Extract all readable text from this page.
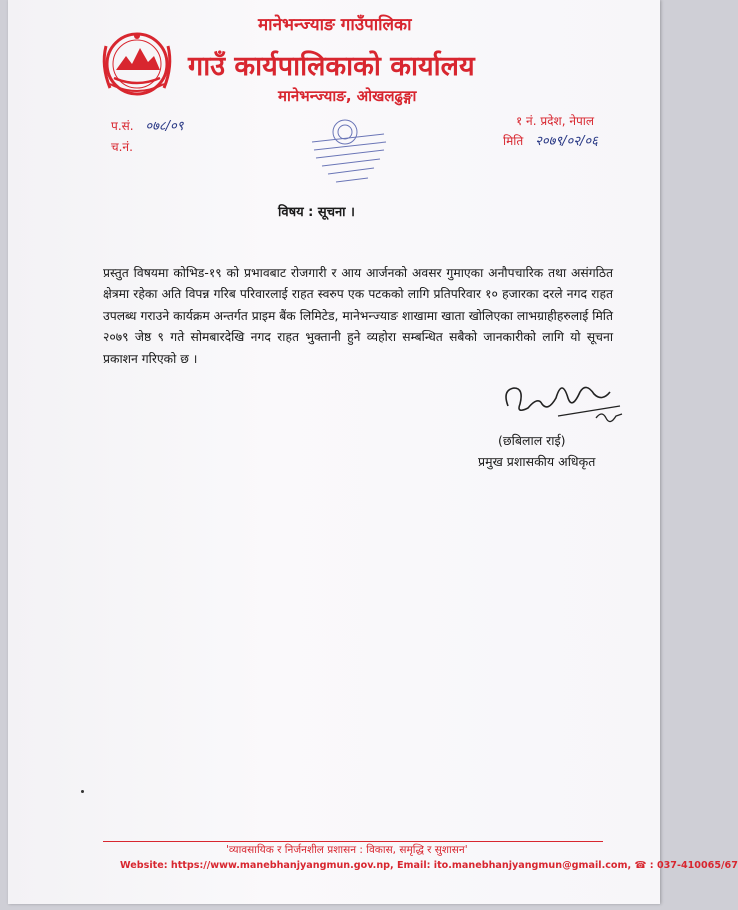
मानेभन्ज्याङ गाउँपालिका
गाउँ कार्यपालिकाको कार्यालय
मानेभन्ज्याङ, ओखलढुङ्गा
प.सं. ०७८/०९
च.नं.
१ नं. प्रदेश, नेपाल
मिति २०७९/०२/०६
विषय : सूचना ।
प्रस्तुत विषयमा कोभिड-१९ को प्रभावबाट रोजगारी र आय आर्जनको अवसर गुमाएका अनौपचारिक तथा असंगठित क्षेत्रमा रहेका अति विपन्न गरिब परिवारलाई राहत स्वरुप एक पटकको लागि प्रतिपरिवार १० हजारका दरले नगद राहत उपलब्ध गराउने कार्यक्रम अन्तर्गत प्राइम बैंक लिमिटेड, मानेभन्ज्याङ शाखामा खाता खोलिएका लाभग्राहीहरुलाई मिति २०७९ जेष्ठ ९ गते सोमबारदेखि नगद राहत भुक्तानी हुने व्यहोरा सम्बन्धित सबैको जानकारीको लागि यो सूचना प्रकाशन गरिएको छ ।
(छबिलाल राई)
प्रमुख प्रशासकीय अधिकृत
'व्यावसायिक र निर्जनशील प्रशासन : विकास, समृद्धि र सुशासन'
Website: https://www.manebhanjyangmun.gov.np, Email: ito.manebhanjyangmun@gmail.com, ☎ : 037-410065/67
